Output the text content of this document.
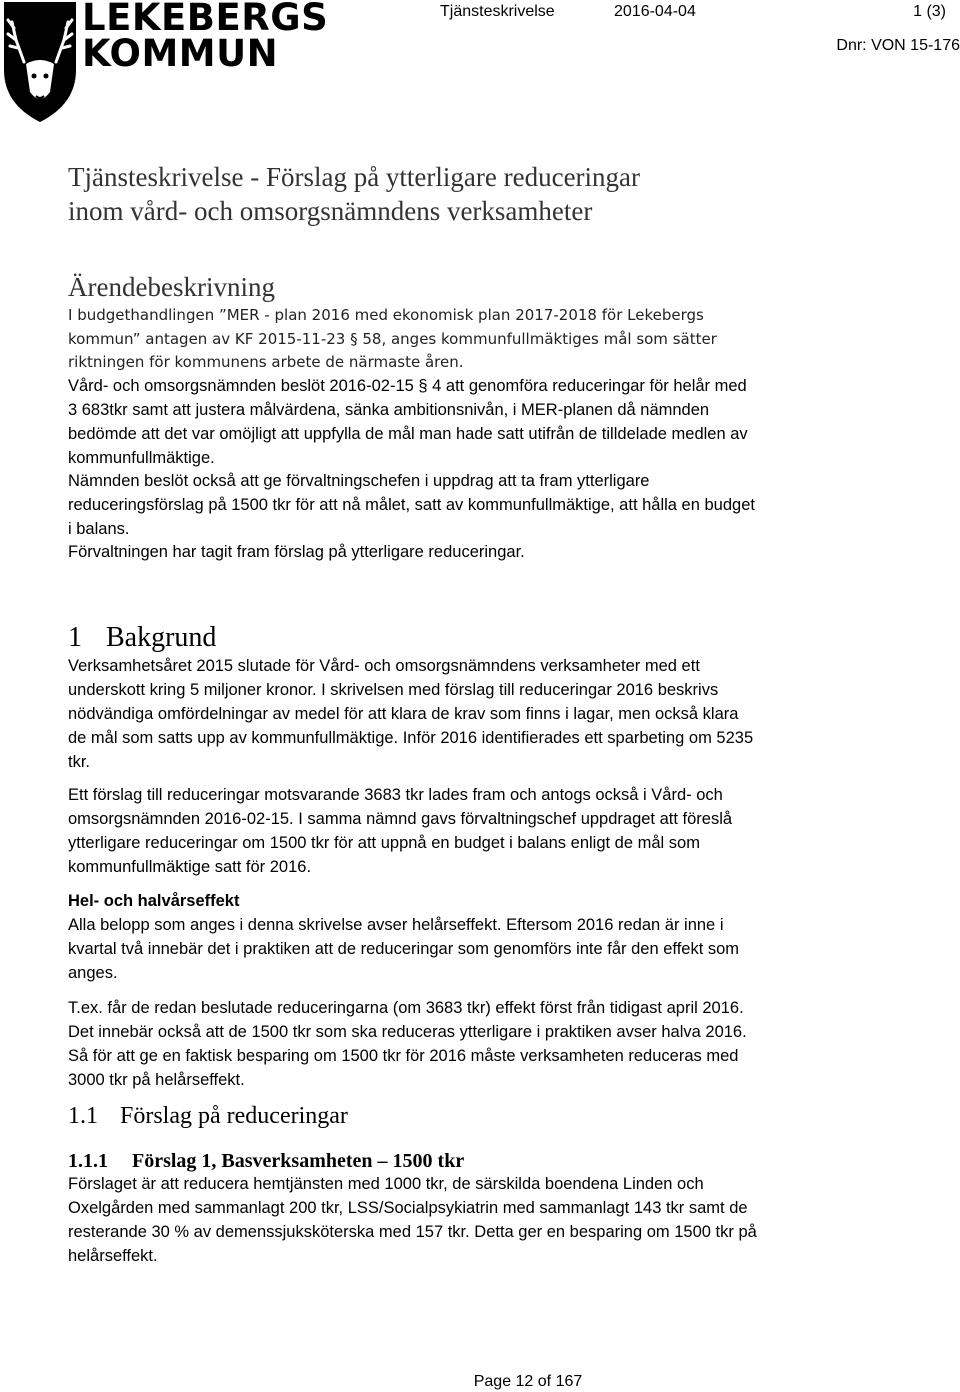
LEKEBERGS
KOMMUN
Tjänsteskrivelse	2016-04-04	1 (3)
Dnr: VON 15-176
Tjänsteskrivelse - Förslag på ytterligare reduceringar
inom vård- och omsorgsnämndens verksamheter
Ärendebeskrivning
I budgethandlingen ”MER - plan 2016 med ekonomisk plan 2017-2018 för Lekebergs kommun” antagen av KF 2015-11-23 § 58, anges kommunfullmäktiges mål som sätter riktningen för kommunens arbete de närmaste åren.
Vård- och omsorgsnämnden beslöt 2016-02-15 § 4 att genomföra reduceringar för helår med 3 683tkr samt att justera målvärdena, sänka ambitionsnivån, i MER-planen då nämnden bedömde att det var omöjligt att uppfylla de mål man hade satt utifrån de tilldelade medlen av kommunfullmäktige.
Nämnden beslöt också att ge förvaltningschefen i uppdrag att ta fram ytterligare reduceringsförslag på 1500 tkr för att nå målet, satt av kommunfullmäktige, att hålla en budget i balans.
Förvaltningen har tagit fram förslag på ytterligare reduceringar.
1 Bakgrund
Verksamhetsåret 2015 slutade för Vård- och omsorgsnämndens verksamheter med ett underskott kring 5 miljoner kronor. I skrivelsen med förslag till reduceringar 2016 beskrivs nödvändiga omfördelningar av medel för att klara de krav som finns i lagar, men också klara de mål som satts upp av kommunfullmäktige. Inför 2016 identifierades ett sparbeting om 5235 tkr.
Ett förslag till reduceringar motsvarande 3683 tkr lades fram och antogs också i Vård- och omsorgsnämnden 2016-02-15. I samma nämnd gavs förvaltningschef uppdraget att föreslå ytterligare reduceringar om 1500 tkr för att uppnå en budget i balans enligt de mål som kommunfullmäktige satt för 2016.
Hel- och halvårseffekt
Alla belopp som anges i denna skrivelse avser helårseffekt. Eftersom 2016 redan är inne i kvartal två innebär det i praktiken att de reduceringar som genomförs inte får den effekt som anges.
T.ex. får de redan beslutade reduceringarna (om 3683 tkr) effekt först från tidigast april 2016. Det innebär också att de 1500 tkr som ska reduceras ytterligare i praktiken avser halva 2016. Så för att ge en faktisk besparing om 1500 tkr för 2016 måste verksamheten reduceras med 3000 tkr på helårseffekt.
1.1 Förslag på reduceringar
1.1.1 Förslag 1, Basverksamheten – 1500 tkr
Förslaget är att reducera hemtjänsten med 1000 tkr, de särskilda boendena Linden och Oxelgården med sammanlagt 200 tkr, LSS/Socialpsykiatrin med sammanlagt 143 tkr samt de resterande 30 % av demenssjuksköterska med 157 tkr. Detta ger en besparing om 1500 tkr på helårseffekt.
Page 12 of 167
